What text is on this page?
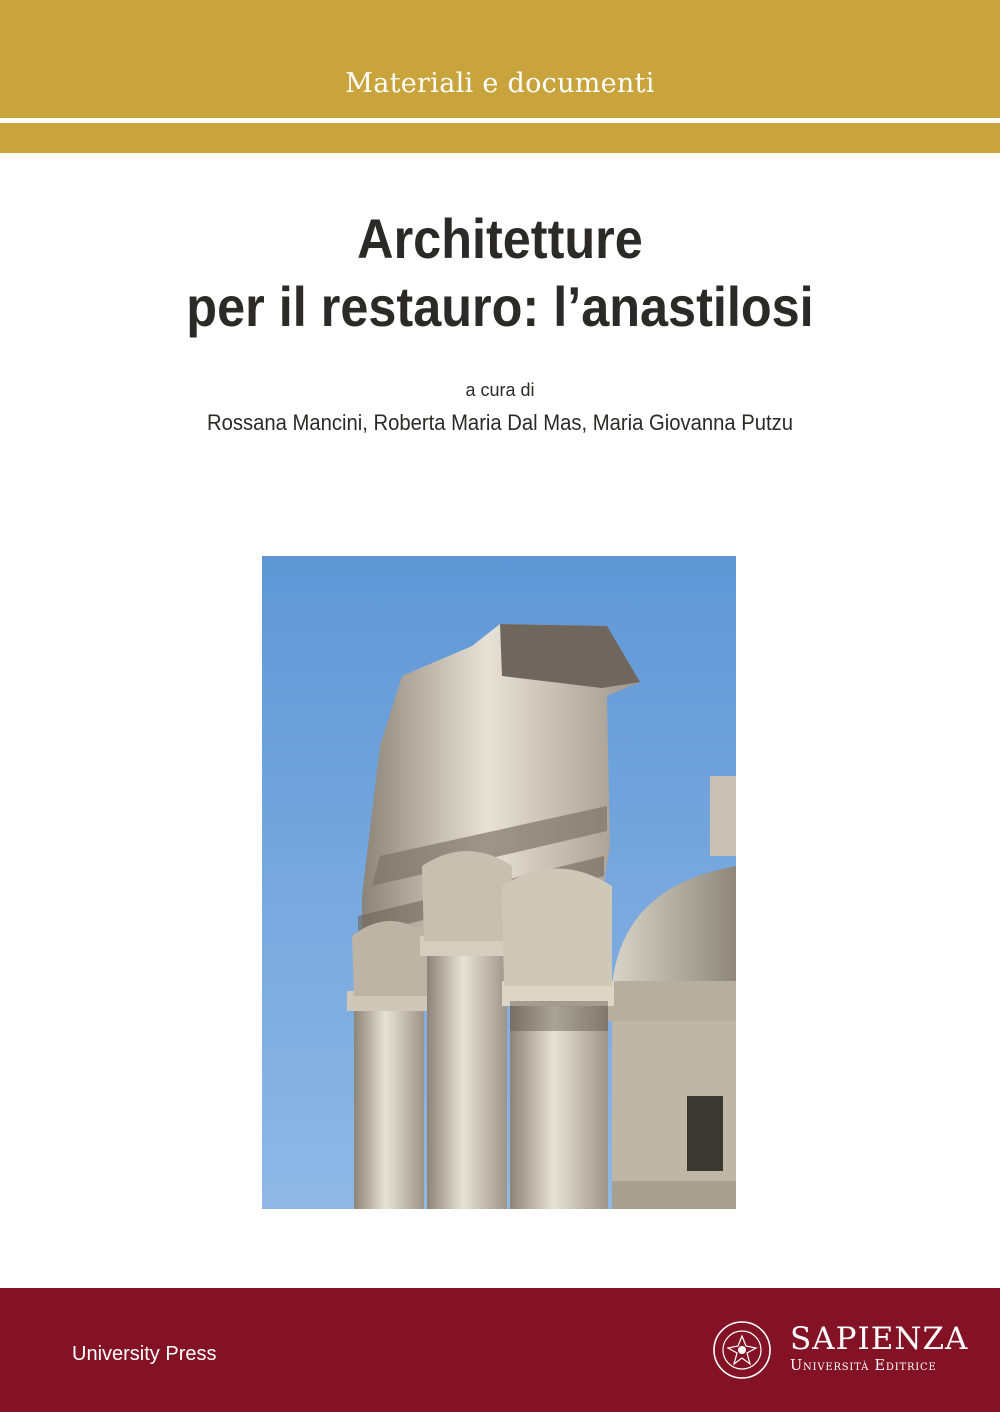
Materiali e documenti
Architetture
per il restauro: l’anastilosi
a cura di
Rossana Mancini, Roberta Maria Dal Mas, Maria Giovanna Putzu
University Press	SAPIENZA
Università Editrice
